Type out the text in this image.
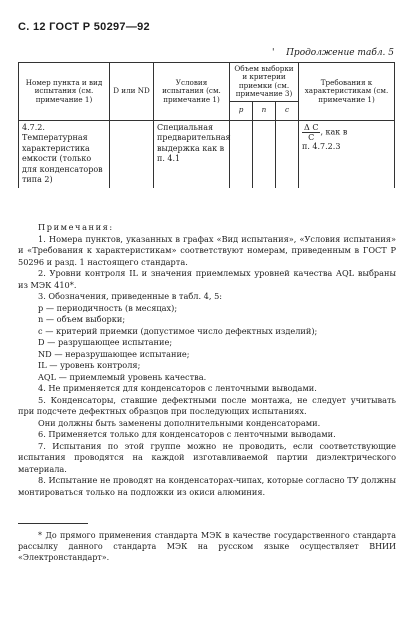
С. 12 ГОСТ Р 50297—92
' Продолжение табл. 5
Номер пункта и вид испытания (см. примечание 1)	D или ND	Условия испытания (см. примечание 1)	Объем выборки и критерии приемки (см. примечание 3)			Требования к характеристикам (см. примечание 1)
			p	n	c	
4.7.2. Температурная характеристика емкости (только для конденсаторов типа 2)		Специальная предварительная выдержка как в п. 4.1				$\frac{\text{Δ C}}{C}$ , как в
п. 4.7.2.3

Примечания:

1. Номера пунктов, указанных в графах «Вид испытания», «Условия испытания» и «Требования к характеристикам» соответствуют номерам, приведенным в ГОСТ Р 50296 и разд. 1 настоящего стандарта.

2. Уровни контроля IL и значения приемлемых уровней качества AQL выбраны из МЭК 410*.

3. Обозначения, приведенные в табл. 4, 5:

p — периодичность (в месяцах);

n — объем выборки;

c — критерий приемки (допустимое число дефектных изделий);

D — разрушающее испытание;

ND — неразрушающее испытание;

IL — уровень контроля;

AQL — приемлемый уровень качества.

4. Не применяется для конденсаторов с ленточными выводами.

5. Конденсаторы, ставшие дефектными после монтажа, не следует учитывать при подсчете дефектных образцов при последующих испытаниях.

Они должны быть заменены дополнительными конденсаторами.

6. Применяется только для конденсаторов с ленточными выводами.

7. Испытания по этой группе можно не проводить, если соответствующие испытания проводятся на каждой изготавливаемой партии диэлектрического материала.

8. Испытание не проводят на конденсаторах-чипах, которые согласно ТУ должны монтироваться только на подложки из окиси алюминия.

* До прямого применения стандарта МЭК в качестве государственного стандарта рассылку данного стандарта МЭК на русском языке осуществляет ВНИИ «Электронстандарт».
